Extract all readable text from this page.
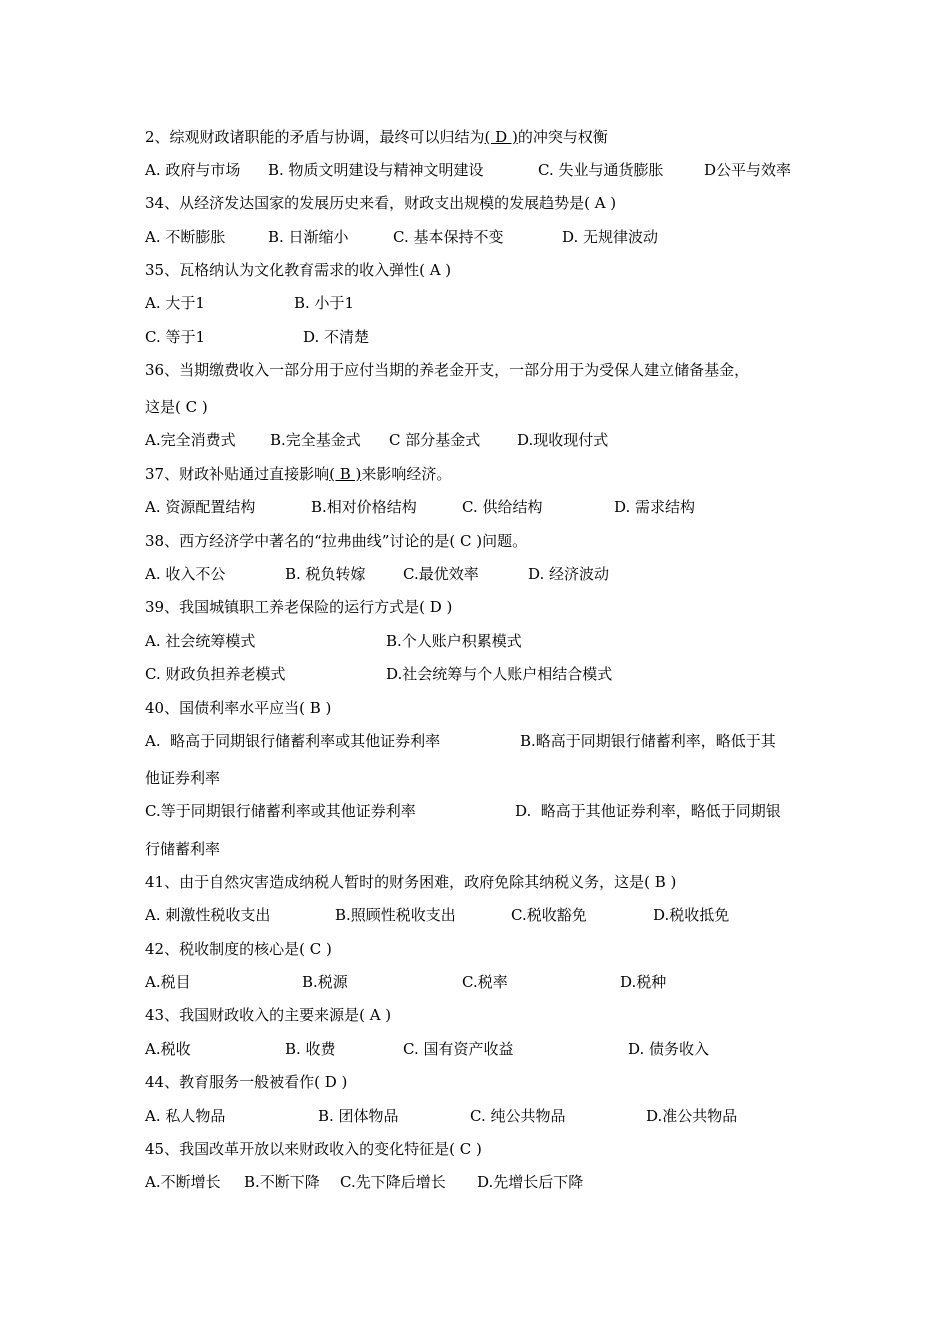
2、综观财政诸职能的矛盾与协调，最终可以归结为( D )的冲突与权衡
A. 政府与市场 B. 物质文明建设与精神文明建设	C. 失业与通货膨胀	D公平与效率
34、从经济发达国家的发展历史来看，财政支出规模的发展趋势是( A )
A. 不断膨胀	B. 日渐缩小	C. 基本保持不变	D. 无规律波动
35、瓦格纳认为文化教育需求的收入弹性( A )
A. 大于1	B. 小于1
C. 等于1	D. 不清楚
36、当期缴费收入一部分用于应付当期的养老金开支，一部分用于为受保人建立储备基金，
这是( C )
A.完全消费式 B.完全基金式 C 部分基金式 D.现收现付式
37、财政补贴通过直接影响( B )来影响经济。
A. 资源配置结构	B.相对价格结构	C. 供给结构	D. 需求结构
38、西方经济学中著名的“拉弗曲线”讨论的是( C )问题。
A. 收入不公	B. 税负转嫁 C.最优效率	D. 经济波动
39、我国城镇职工养老保险的运行方式是( D )
A. 社会统筹模式	B.个人账户积累模式
C. 财政负担养老模式	D.社会统筹与个人账户相结合模式
40、国债利率水平应当( B )
A.  略高于同期银行储蓄利率或其他证券利率	B.略高于同期银行储蓄利率，略低于其
他证券利率
C.等于同期银行储蓄利率或其他证券利率	D.  略高于其他证券利率，略低于同期银
行储蓄利率
41、由于自然灾害造成纳税人暂时的财务困难，政府免除其纳税义务，这是( B )
A. 刺激性税收支出	B.照顾性税收支出	C.税收豁免	D.税收抵免
42、税收制度的核心是( C )
A.税目	B.税源	C.税率	D.税种
43、我国财政收入的主要来源是( A )
A.税收	B. 收费	C. 国有资产收益	D. 债务收入
44、教育服务一般被看作( D )
A. 私人物品	B. 团体物品	C. 纯公共物品	D.准公共物品
45、我国改革开放以来财政收入的变化特征是( C )
A.不断增长 B.不断下降 C.先下降后增长 D.先增长后下降
